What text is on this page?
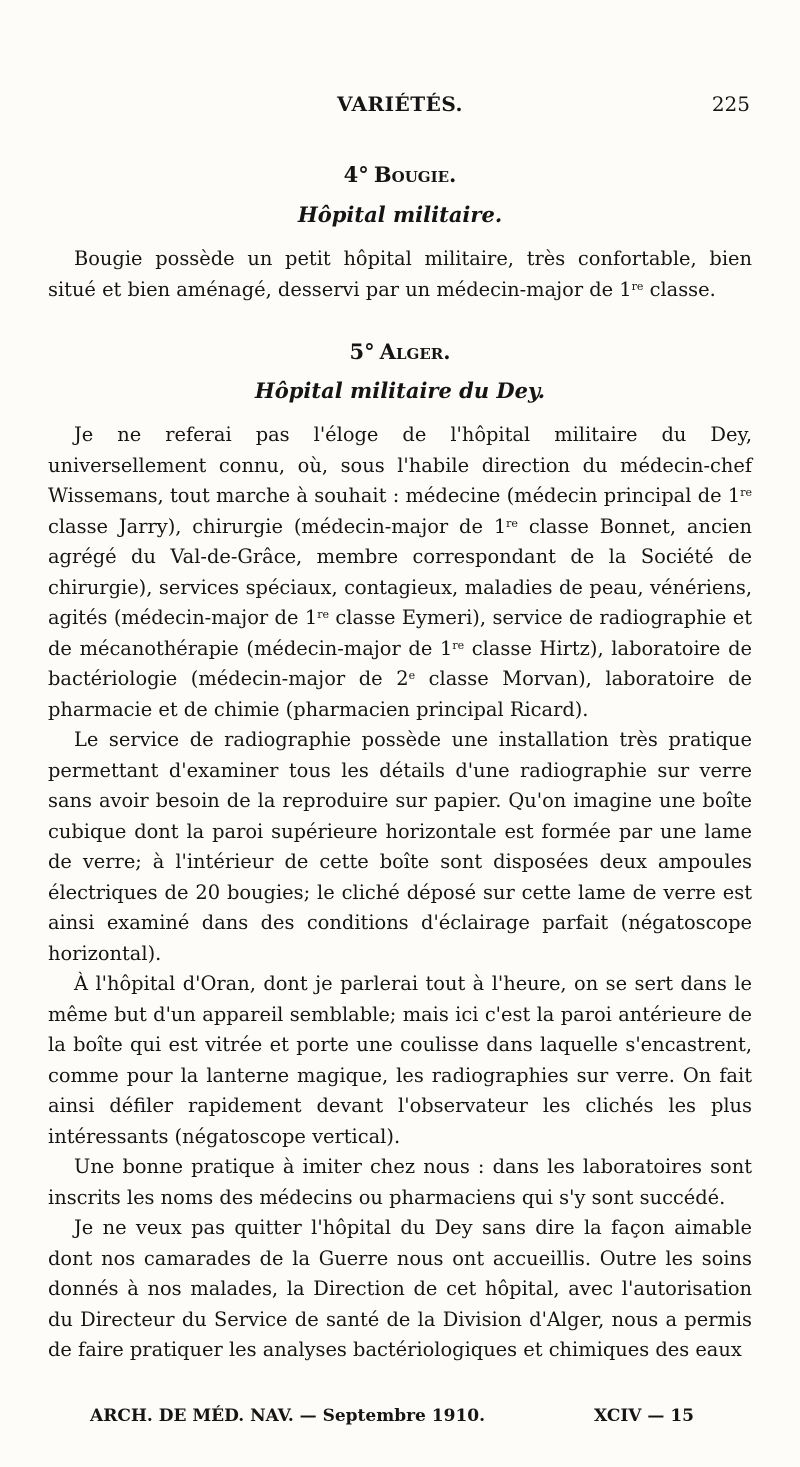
VARIÉTÉS.	225
4° Bougie.
Hôpital militaire.

Bougie possède un petit hôpital militaire, très confortable, bien situé et bien aménagé, desservi par un médecin-major de 1re classe.

5° Alger.
Hôpital militaire du Dey.

Je ne referai pas l'éloge de l'hôpital militaire du Dey, universellement connu, où, sous l'habile direction du médecin-chef Wissemans, tout marche à souhait : médecine (médecin principal de 1re classe Jarry), chirurgie (médecin-major de 1re classe Bonnet, ancien agrégé du Val-de-Grâce, membre correspondant de la Société de chirurgie), services spéciaux, contagieux, maladies de peau, vénériens, agités (médecin-major de 1re classe Eymeri), service de radiographie et de mécanothérapie (médecin-major de 1re classe Hirtz), laboratoire de bactériologie (médecin-major de 2e classe Morvan), laboratoire de pharmacie et de chimie (pharmacien principal Ricard).

Le service de radiographie possède une installation très pratique permettant d'examiner tous les détails d'une radiographie sur verre sans avoir besoin de la reproduire sur papier. Qu'on imagine une boîte cubique dont la paroi supérieure horizontale est formée par une lame de verre; à l'intérieur de cette boîte sont disposées deux ampoules électriques de 20 bougies; le cliché déposé sur cette lame de verre est ainsi examiné dans des conditions d'éclairage parfait (négatoscope horizontal).

À l'hôpital d'Oran, dont je parlerai tout à l'heure, on se sert dans le même but d'un appareil semblable; mais ici c'est la paroi antérieure de la boîte qui est vitrée et porte une coulisse dans laquelle s'encastrent, comme pour la lanterne magique, les radiographies sur verre. On fait ainsi défiler rapidement devant l'observateur les clichés les plus intéressants (négatoscope vertical).

Une bonne pratique à imiter chez nous : dans les laboratoires sont inscrits les noms des médecins ou pharmaciens qui s'y sont succédé.

Je ne veux pas quitter l'hôpital du Dey sans dire la façon aimable dont nos camarades de la Guerre nous ont accueillis. Outre les soins donnés à nos malades, la Direction de cet hôpital, avec l'autorisation du Directeur du Service de santé de la Division d'Alger, nous a permis de faire pratiquer les analyses bactériologiques et chimiques des eaux

ARCH. DE MÉD. NAV. — Septembre 1910.	XCIV — 15
